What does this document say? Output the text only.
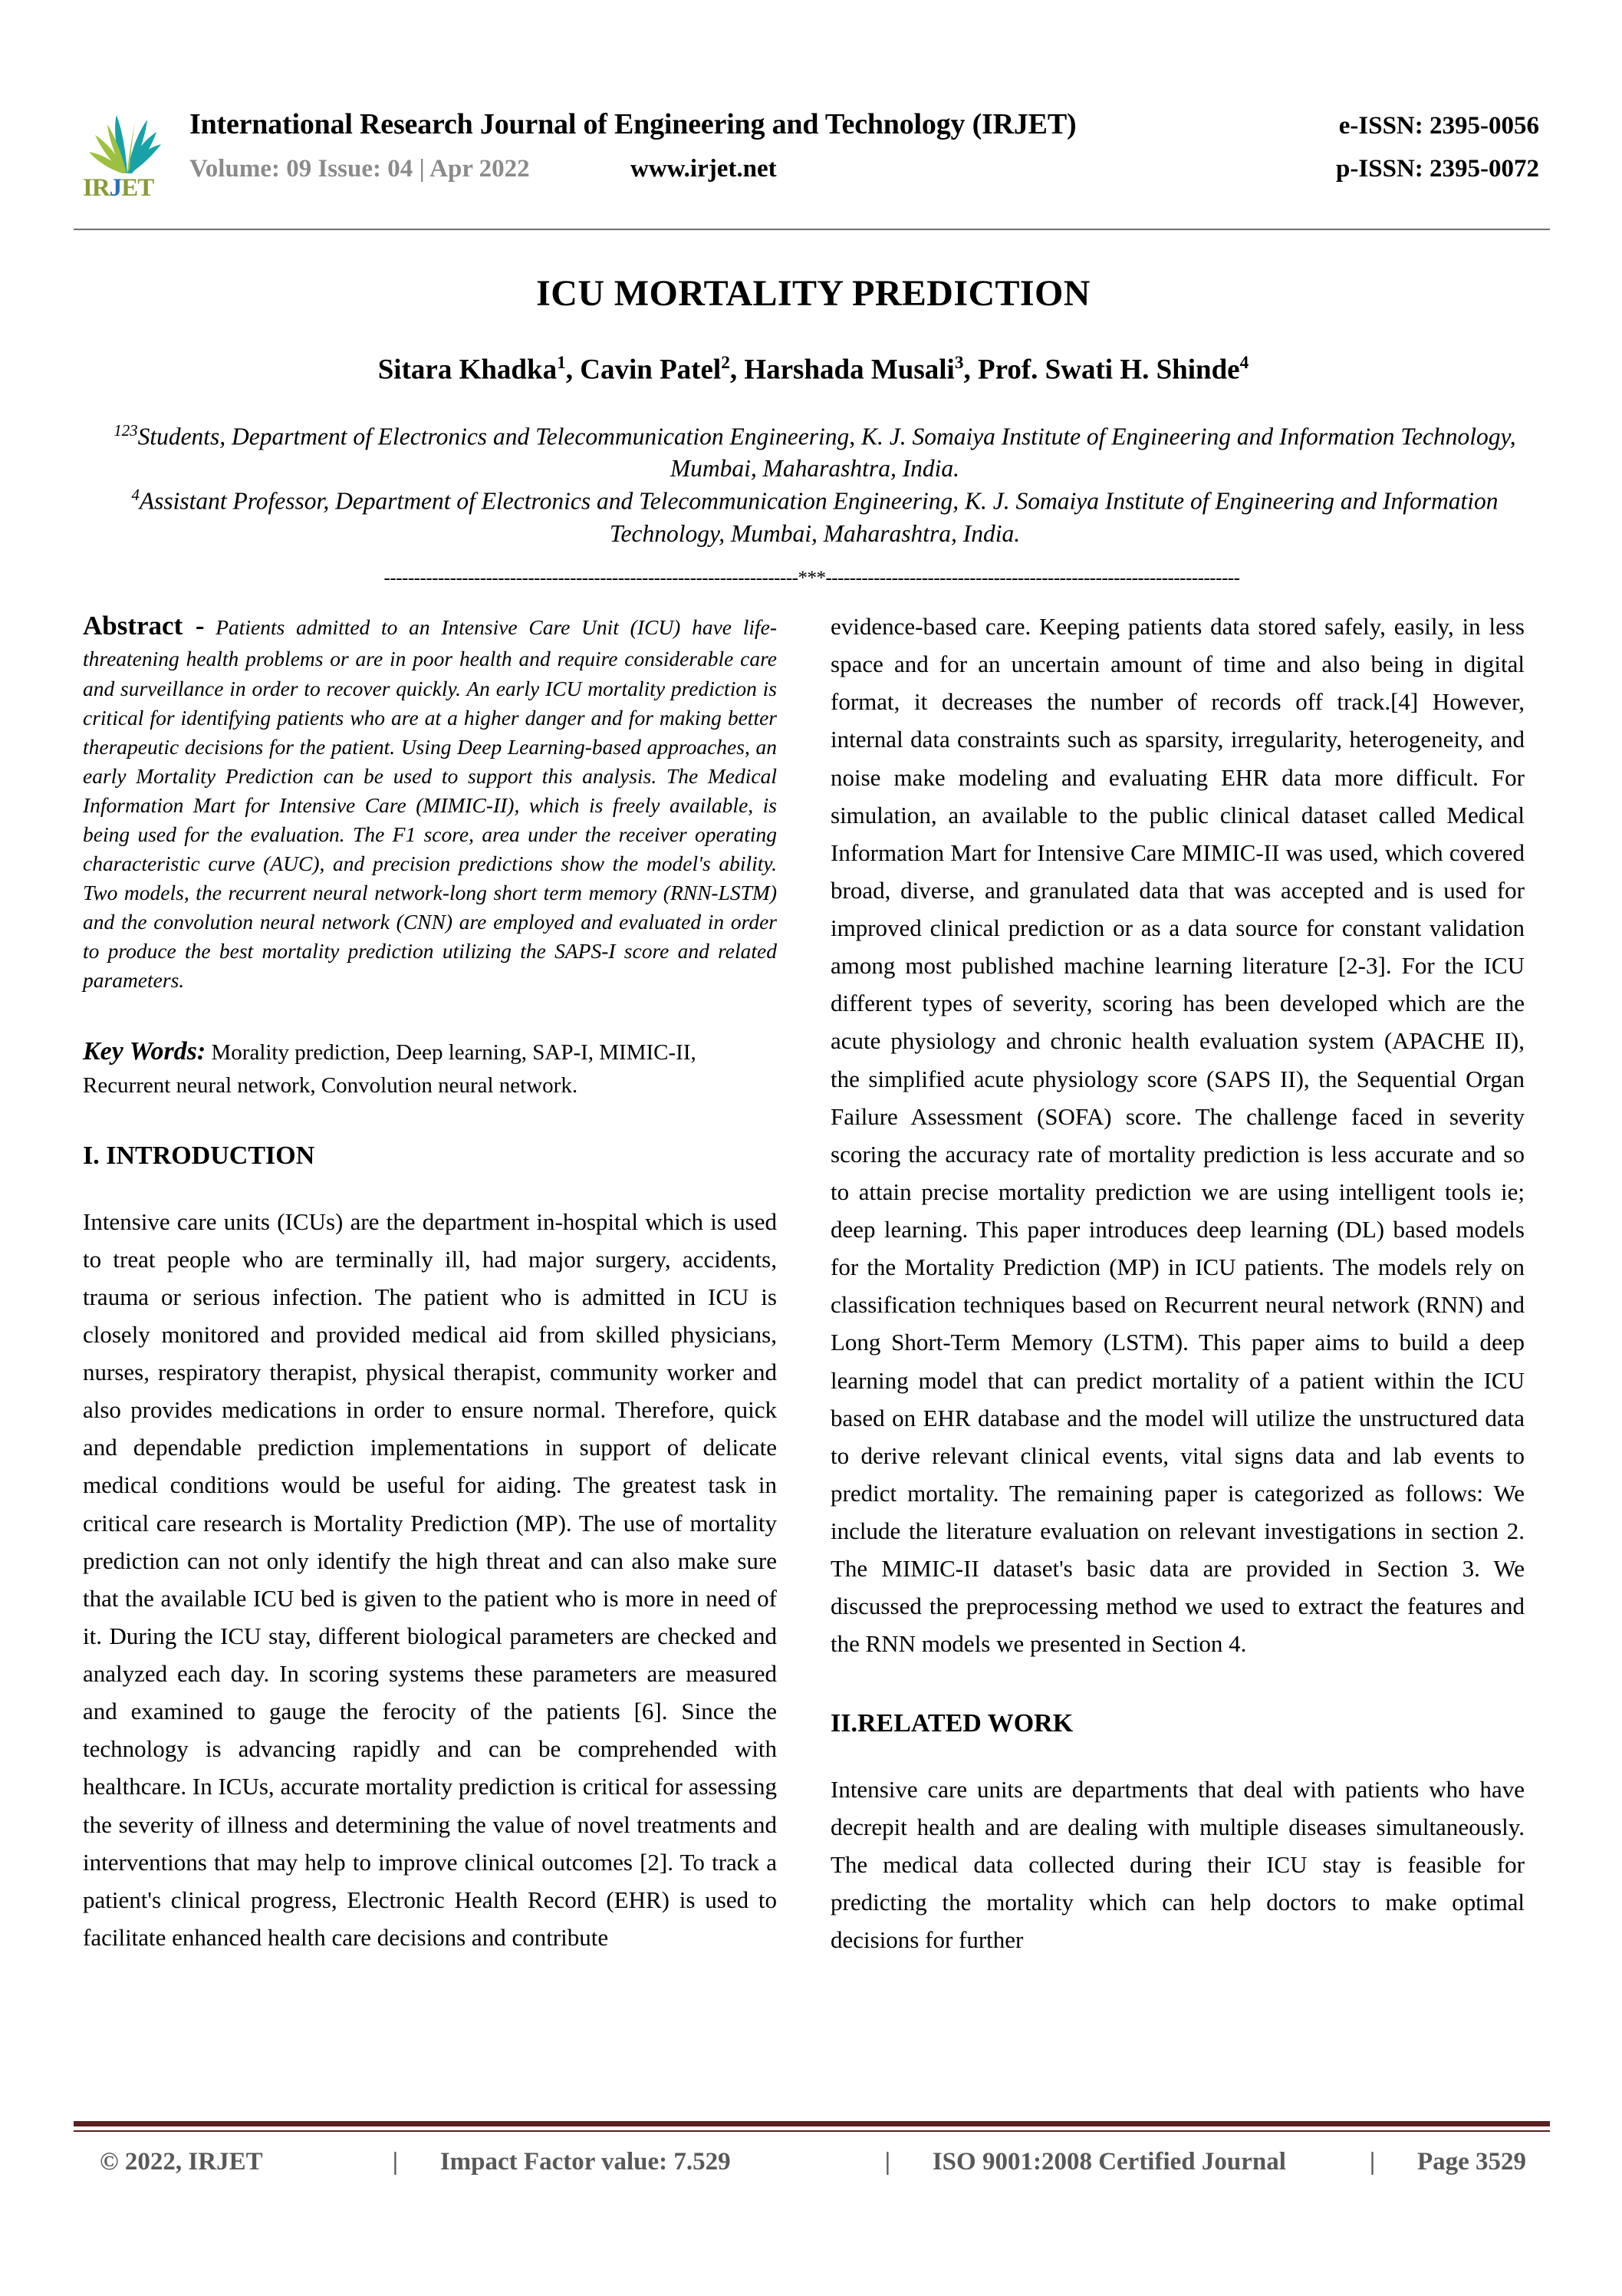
IRJET
International Research Journal of Engineering and Technology (IRJET)	e-ISSN: 2395-0056
Volume: 09 Issue: 04 | Apr 2022	www.irjet.net	p-ISSN: 2395-0072
ICU MORTALITY PREDICTION
Sitara Khadka$^1$, Cavin Patel$^2$, Harshada Musali$^3$, Prof. Swati H. Shinde$^4$
$^{123}$Students, Department of Electronics and Telecommunication Engineering, K. J. Somaiya Institute of Engineering and Information Technology, Mumbai, Maharashtra, India.
$^4$Assistant Professor, Department of Electronics and Telecommunication Engineering, K. J. Somaiya Institute of Engineering and Information Technology, Mumbai, Maharashtra, India.
---------------------------------------------------------------------***---------------------------------------------------------------------

Abstract - Patients admitted to an Intensive Care Unit (ICU) have life-threatening health problems or are in poor health and require considerable care and surveillance in order to recover quickly. An early ICU mortality prediction is critical for identifying patients who are at a higher danger and for making better therapeutic decisions for the patient. Using Deep Learning-based approaches, an early Mortality Prediction can be used to support this analysis. The Medical Information Mart for Intensive Care (MIMIC-II), which is freely available, is being used for the evaluation. The F1 score, area under the receiver operating characteristic curve (AUC), and precision predictions show the model's ability. Two models, the recurrent neural network-long short term memory (RNN-LSTM) and the convolution neural network (CNN) are employed and evaluated in order to produce the best mortality prediction utilizing the SAPS-I score and related parameters.

Key Words: Morality prediction, Deep learning, SAP-I, MIMIC-II, Recurrent neural network, Convolution neural network.

I. INTRODUCTION

Intensive care units (ICUs) are the department in-hospital which is used to treat people who are terminally ill, had major surgery, accidents, trauma or serious infection. The patient who is admitted in ICU is closely monitored and provided medical aid from skilled physicians, nurses, respiratory therapist, physical therapist, community worker and also provides medications in order to ensure normal. Therefore, quick and dependable prediction implementations in support of delicate medical conditions would be useful for aiding. The greatest task in critical care research is Mortality Prediction (MP). The use of mortality prediction can not only identify the high threat and can also make sure that the available ICU bed is given to the patient who is more in need of it. During the ICU stay, different biological parameters are checked and analyzed each day. In scoring systems these parameters are measured and examined to gauge the ferocity of the patients [6]. Since the technology is advancing rapidly and can be comprehended with healthcare. In ICUs, accurate mortality prediction is critical for assessing the severity of illness and determining the value of novel treatments and interventions that may help to improve clinical outcomes [2]. To track a patient's clinical progress, Electronic Health Record (EHR) is used to facilitate enhanced health care decisions and contribute

evidence-based care. Keeping patients data stored safely, easily, in less space and for an uncertain amount of time and also being in digital format, it decreases the number of records off track.[4] However, internal data constraints such as sparsity, irregularity, heterogeneity, and noise make modeling and evaluating EHR data more difficult. For simulation, an available to the public clinical dataset called Medical Information Mart for Intensive Care MIMIC-II was used, which covered broad, diverse, and granulated data that was accepted and is used for improved clinical prediction or as a data source for constant validation among most published machine learning literature [2-3]. For the ICU different types of severity, scoring has been developed which are the acute physiology and chronic health evaluation system (APACHE II), the simplified acute physiology score (SAPS II), the Sequential Organ Failure Assessment (SOFA) score. The challenge faced in severity scoring the accuracy rate of mortality prediction is less accurate and so to attain precise mortality prediction we are using intelligent tools ie; deep learning. This paper introduces deep learning (DL) based models for the Mortality Prediction (MP) in ICU patients. The models rely on classification techniques based on Recurrent neural network (RNN) and Long Short-Term Memory (LSTM). This paper aims to build a deep learning model that can predict mortality of a patient within the ICU based on EHR database and the model will utilize the unstructured data to derive relevant clinical events, vital signs data and lab events to predict mortality. The remaining paper is categorized as follows: We include the literature evaluation on relevant investigations in section 2. The MIMIC-II dataset's basic data are provided in Section 3. We discussed the preprocessing method we used to extract the features and the RNN models we presented in Section 4.

II.RELATED WORK

Intensive care units are departments that deal with patients who have decrepit health and are dealing with multiple diseases simultaneously. The medical data collected during their ICU stay is feasible for predicting the mortality which can help doctors to make optimal decisions for further

© 2022, IRJET	|	Impact Factor value: 7.529	|	ISO 9001:2008 Certified Journal	|	Page 3529
